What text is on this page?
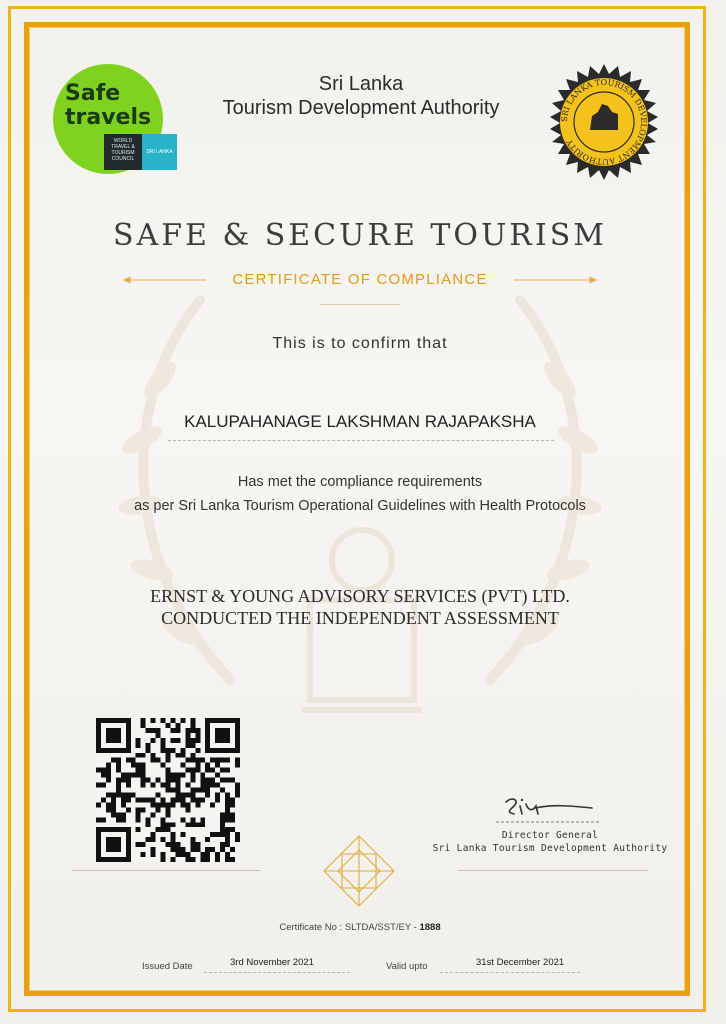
Safe
travels
WORLD TRAVEL & TOURISM COUNCIL
SRI LANKA
Sri Lanka
Tourism Development Authority
SRI LANKA TOURISM DEVELOPMENT AUTHORITY
SAFE & SECURE TOURISM
CERTIFICATE OF COMPLIANCE
This is to confirm that
KALUPAHANAGE LAKSHMAN RAJAPAKSHA
Has met the compliance requirements
as per Sri Lanka Tourism Operational Guidelines with Health Protocols
ERNST & YOUNG ADVISORY SERVICES (PVT) LTD.
CONDUCTED THE INDEPENDENT ASSESSMENT
Director General
Sri Lanka Tourism Development Authority
Certificate No : SLTDA/SST/EY - 1888
Issued Date	3rd November 2021	Valid upto	31st December 2021
